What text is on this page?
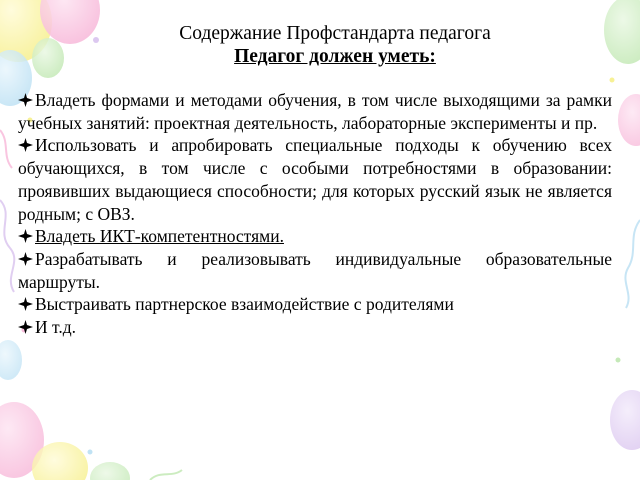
Содержание Профстандарта педагога
Педагог должен уметь:
Владеть формами и методами обучения, в том числе выходящими за рамки учебных занятий: проектная деятельность, лабораторные эксперименты и пр.
Использовать и апробировать специальные подходы к обучению всех обучающихся, в том числе с особыми потребностями в образовании: проявивших выдающиеся способности; для которых русский язык не является родным; с ОВЗ.
Владеть ИКТ-компетентностями.
Разрабатывать и реализовывать индивидуальные образовательные маршруты.
Выстраивать партнерское взаимодействие с родителями
И т.д.
